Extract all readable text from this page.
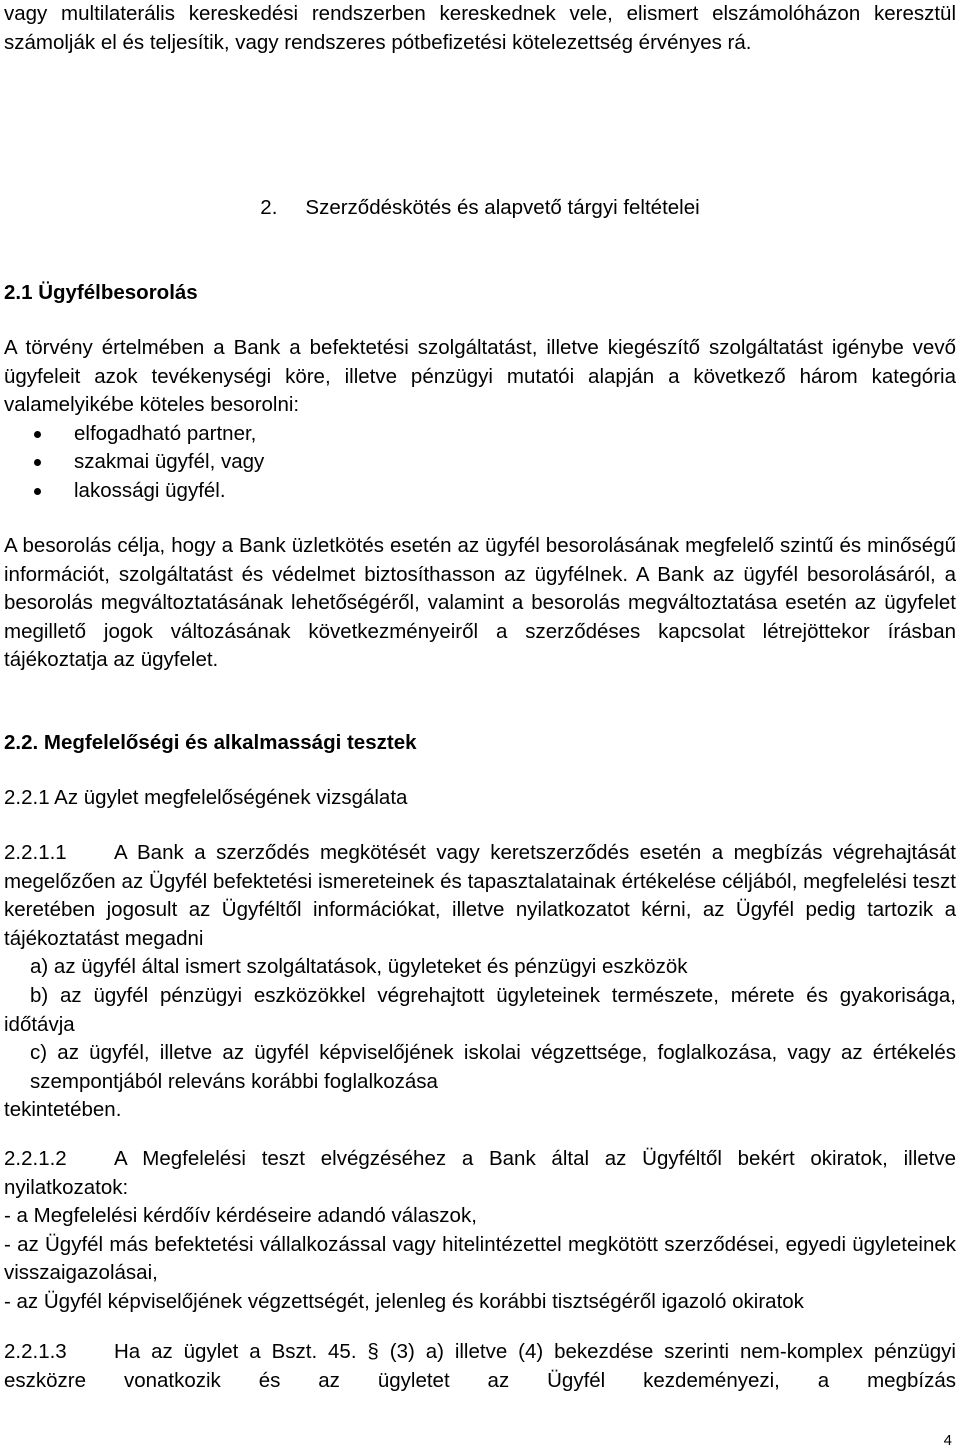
vagy multilaterális kereskedési rendszerben kereskednek vele, elismert elszámolóházon keresztül számolják el és teljesítik, vagy rendszeres pótbefizetési kötelezettség érvényes rá.

2. Szerződéskötés és alapvető tárgyi feltételei

2.1 Ügyfélbesorolás

A törvény értelmében a Bank a befektetési szolgáltatást, illetve kiegészítő szolgáltatást igénybe vevő ügyfeleit azok tevékenységi köre, illetve pénzügyi mutatói alapján a következő három kategória valamelyikébe köteles besorolni:

elfogadható partner,
szakmai ügyfél, vagy
lakossági ügyfél.

A besorolás célja, hogy a Bank üzletkötés esetén az ügyfél besorolásának megfelelő szintű és minőségű információt, szolgáltatást és védelmet biztosíthasson az ügyfélnek. A Bank az ügyfél besorolásáról, a besorolás megváltoztatásának lehetőségéről, valamint a besorolás megváltoztatása esetén az ügyfelet megillető jogok változásának következményeiről a szerződéses kapcsolat létrejöttekor írásban tájékoztatja az ügyfelet.

2.2. Megfelelőségi és alkalmassági tesztek

2.2.1 Az ügylet megfelelőségének vizsgálata

2.2.1.1 A Bank a szerződés megkötését vagy keretszerződés esetén a megbízás végrehajtását megelőzően az Ügyfél befektetési ismereteinek és tapasztalatainak értékelése céljából, megfelelési teszt keretében jogosult az Ügyféltől információkat, illetve nyilatkozatot kérni, az Ügyfél pedig tartozik a tájékoztatást megadni

a) az ügyfél által ismert szolgáltatások, ügyleteket és pénzügyi eszközök

b) az ügyfél pénzügyi eszközökkel végrehajtott ügyleteinek természete, mérete és gyakorisága, időtávja

c) az ügyfél, illetve az ügyfél képviselőjének iskolai végzettsége, foglalkozása, vagy az értékelés szempontjából releváns korábbi foglalkozása

tekintetében.

2.2.1.2 A Megfelelési teszt elvégzéséhez a Bank által az Ügyféltől bekért okiratok, illetve nyilatkozatok:

- a Megfelelési kérdőív kérdéseire adandó válaszok,

- az Ügyfél más befektetési vállalkozással vagy hitelintézettel megkötött szerződései, egyedi ügyleteinek visszaigazolásai,

- az Ügyfél képviselőjének végzettségét, jelenleg és korábbi tisztségéről igazoló okiratok

2.2.1.3 Ha az ügylet a Bszt. 45. § (3) a) illetve (4) bekezdése szerinti nem-komplex pénzügyi eszközre vonatkozik és az ügyletet az Ügyfél kezdeményezi, a megbízás

4
